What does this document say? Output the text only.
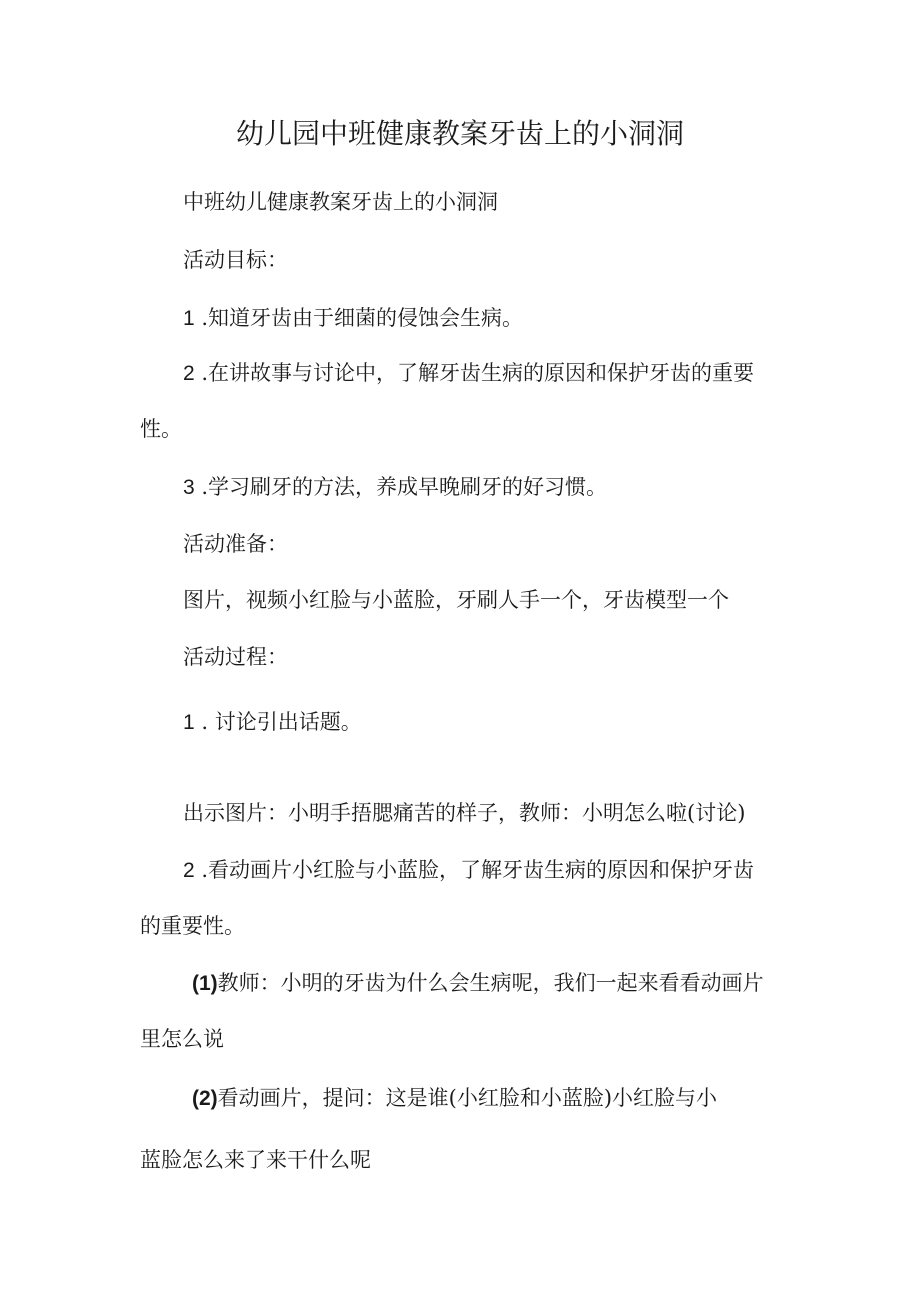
幼儿园中班健康教案牙齿上的小洞洞
中班幼儿健康教案牙齿上的小洞洞
活动目标：
1 .知道牙齿由于细菌的侵蚀会生病。
2 .在讲故事与讨论中，了解牙齿生病的原因和保护牙齿的重要
性。
3 .学习刷牙的方法，养成早晚刷牙的好习惯。
活动准备：
图片，视频小红脸与小蓝脸，牙刷人手一个，牙齿模型一个
活动过程：
1 . 讨论引出话题。
出示图片：小明手捂腮痛苦的样子，教师：小明怎么啦(讨论)
2 .看动画片小红脸与小蓝脸，了解牙齿生病的原因和保护牙齿
的重要性。
(1)教师：小明的牙齿为什么会生病呢，我们一起来看看动画片
里怎么说
(2)看动画片，提问：这是谁(小红脸和小蓝脸)小红脸与小
蓝脸怎么来了来干什么呢
